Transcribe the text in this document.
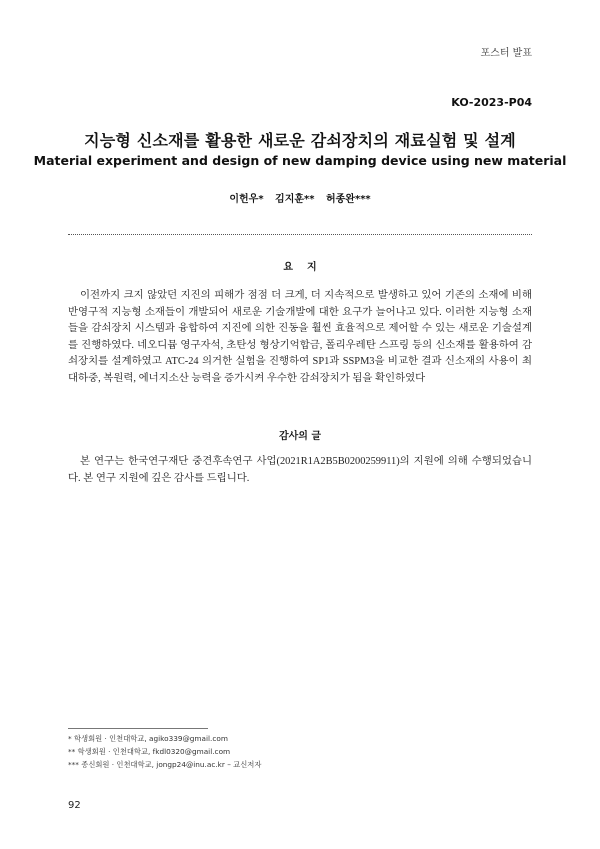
포스터 발표
KO-2023-P04
지능형 신소재를 활용한 새로운 감쇠장치의 재료실험 및 설계
Material experiment and design of new damping device using new material
이헌우* 김지훈** 허종완***
요    지
이전까지 크지 않았던 지진의 피해가 점점 더 크게, 더 지속적으로 발생하고 있어 기존의 소재에 비해 반영구적 지능형 소재들이 개발되어 새로운 기술개발에 대한 요구가 늘어나고 있다. 이러한 지능형 소재들을 감쇠장치 시스템과 융합하여 지진에 의한 진동을 훨씬 효율적으로 제어할 수 있는 새로운 기술설계를 진행하였다. 네오디뮴 영구자석, 초탄성 형상기억합금, 폴리우레탄 스프링 등의 신소재를 활용하여 감쇠장치를 설계하였고 ATC-24 의거한 실험을 진행하여 SP1과 SSPM3을 비교한 결과 신소재의 사용이 최대하중, 복원력, 에너지소산 능력을 증가시켜 우수한 감쇠장치가 됨을 확인하였다
감사의 글
본 연구는 한국연구재단 중견후속연구 사업(2021R1A2B5B0200259911)의 지원에 의해 수행되었습니다. 본 연구 지원에 깊은 감사를 드립니다.
* 학생회원 · 인천대학교, agiko339@gmail.com
** 학생회원 · 인천대학교, fkdl0320@gmail.com
*** 종신회원 · 인천대학교, jongp24@inu.ac.kr – 교신저자
92
